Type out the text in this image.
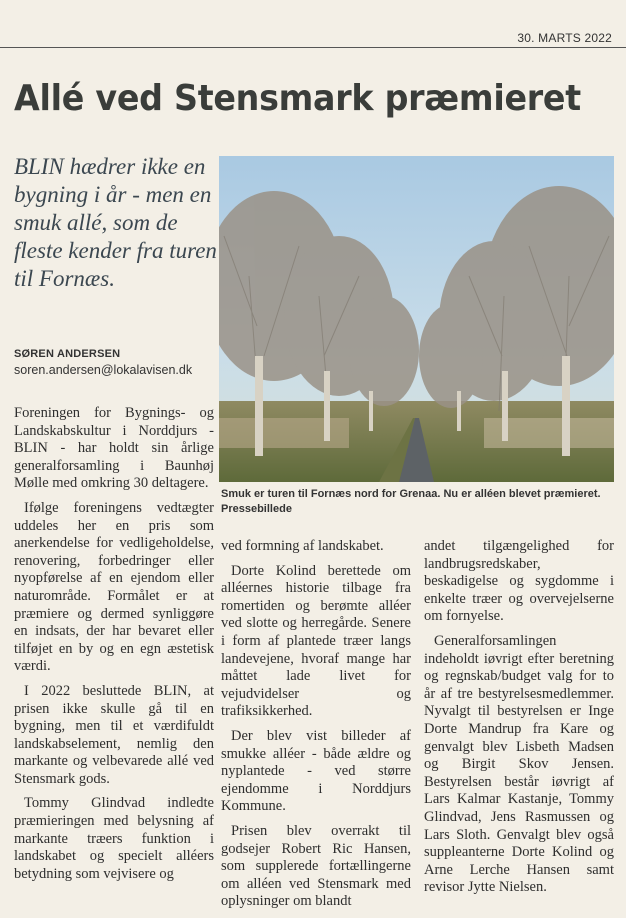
30. MARTS 2022
Allé ved Stensmark præmieret
BLIN hædrer ikke en bygning i år - men en smuk allé, som de fleste kender fra turen til Fornæs.
SØREN ANDERSEN
soren.andersen@lokalavisen.dk
Smuk er turen til Fornæs nord for Grenaa. Nu er alléen blevet præmieret. Pressebillede

Foreningen for Bygnings- og Landskabskultur i Norddjurs - BLIN - har holdt sin årlige generalforsamling i Baunhøj Mølle med omkring 30 deltagere.

Ifølge foreningens vedtægter uddeles her en pris som anerkendelse for vedligeholdelse, renovering, forbedringer eller nyopførelse af en ejendom eller naturområde. Formålet er at præmiere og dermed synliggøre en indsats, der har bevaret eller tilføjet en by og en egn æstetisk værdi.

I 2022 besluttede BLIN, at prisen ikke skulle gå til en bygning, men til et værdifuldt landskabselement, nemlig den markante og velbevarede allé ved Stensmark gods.

Tommy Glindvad indledte præmieringen med belysning af markante træers funktion i landskabet og specielt alléers betydning som vejvisere og

ved formning af landskabet.

Dorte Kolind berettede om alléernes historie tilbage fra romertiden og berømte alléer ved slotte og herregårde. Senere i form af plantede træer langs landevejene, hvoraf mange har måttet lade livet for vejudvidelser og trafiksikkerhed.

Der blev vist billeder af smukke alléer - både ældre og nyplantede - ved større ejendomme i Norddjurs Kommune.

Prisen blev overrakt til godsejer Robert Ric Hansen, som supplerede fortællingerne om alléen ved Stensmark med oplysninger om blandt

andet tilgængelighed for landbrugsredskaber, beskadigelse og sygdomme i enkelte træer og overvejelserne om fornyelse.

Generalforsamlingen indeholdt iøvrigt efter beretning og regnskab/budget valg for to år af tre bestyrelsesmedlemmer. Nyvalgt til bestyrelsen er Inge Dorte Mandrup fra Kare og genvalgt blev Lisbeth Madsen og Birgit Skov Jensen. Bestyrelsen består iøvrigt af Lars Kalmar Kastanje, Tommy Glindvad, Jens Rasmussen og Lars Sloth. Genvalgt blev også suppleanterne Dorte Kolind og Arne Lerche Hansen samt revisor Jytte Nielsen.
